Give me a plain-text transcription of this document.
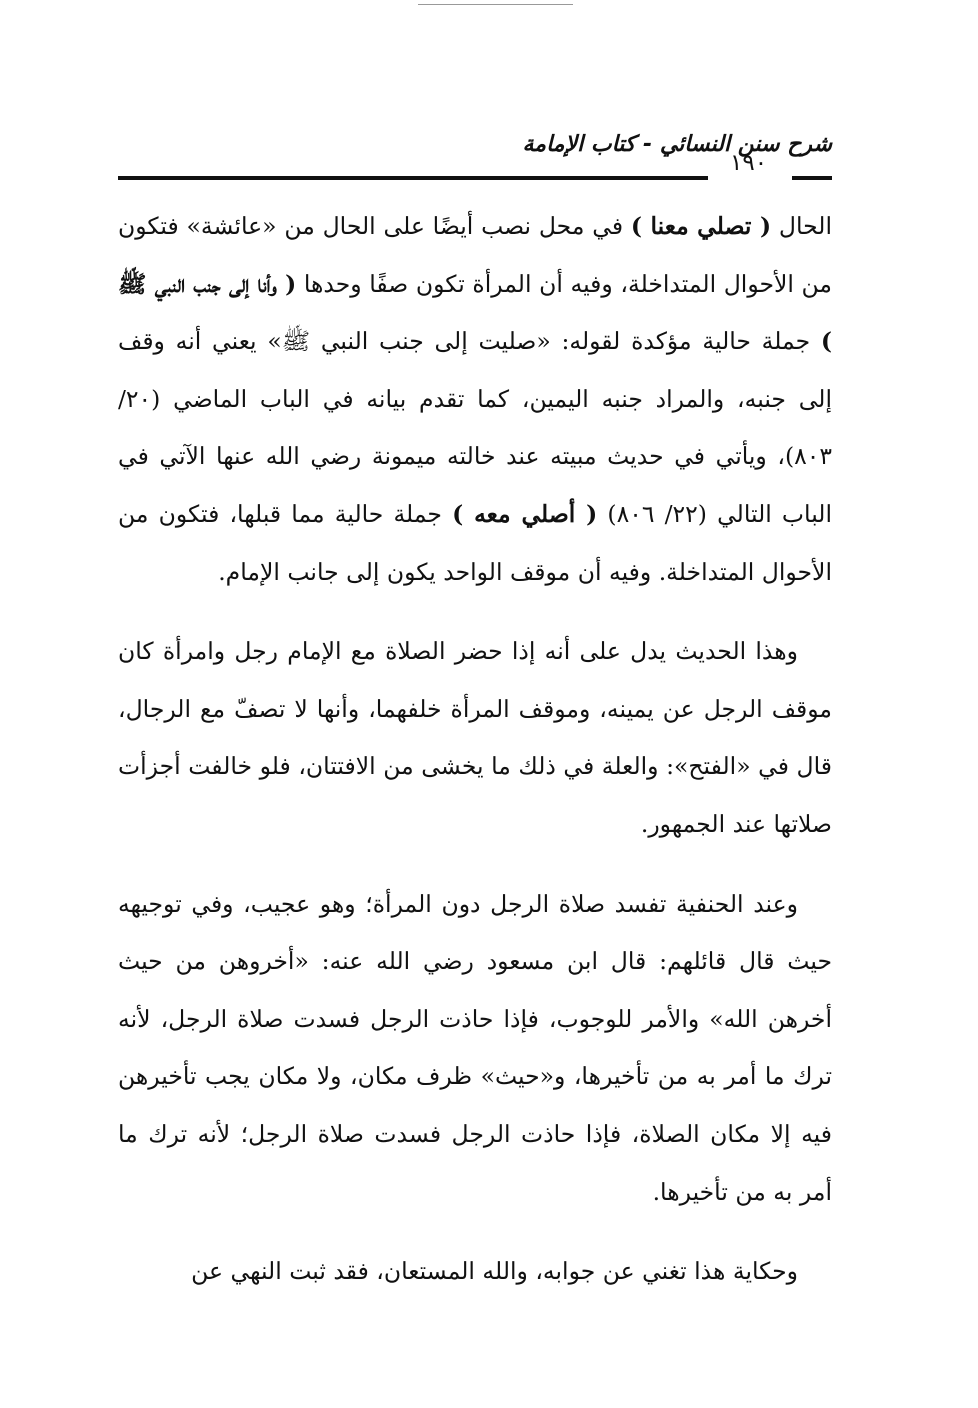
شرح سنن النسائي - كتاب الإمامة
١٩٠

الحال ( تصلي معنا ) في محل نصب أيضًا على الحال من «عائشة» فتكون من الأحوال المتداخلة، وفيه أن المرأة تكون صفًا وحدها ( وأنا إلى جنب النبي ﷺ ) جملة حالية مؤكدة لقوله: «صليت إلى جنب النبي ﷺ» يعني أنه وقف إلى جنبه، والمراد جنبه اليمين، كما تقدم بيانه في الباب الماضي (٢٠/ ٨٠٣)، ويأتي في حديث مبيته عند خالته ميمونة رضي الله عنها الآتي في الباب التالي (٢٢/ ٨٠٦) ( أصلي معه ) جملة حالية مما قبلها، فتكون من الأحوال المتداخلة. وفيه أن موقف الواحد يكون إلى جانب الإمام.

وهذا الحديث يدل على أنه إذا حضر الصلاة مع الإمام رجل وامرأة كان موقف الرجل عن يمينه، وموقف المرأة خلفهما، وأنها لا تصفّ مع الرجال، قال في «الفتح»: والعلة في ذلك ما يخشى من الافتتان، فلو خالفت أجزأت صلاتها عند الجمهور.

وعند الحنفية تفسد صلاة الرجل دون المرأة؛ وهو عجيب، وفي توجيهه حيث قال قائلهم: قال ابن مسعود رضي الله عنه: «أخروهن من حيث أخرهن الله» والأمر للوجوب، فإذا حاذت الرجل فسدت صلاة الرجل، لأنه ترك ما أمر به من تأخيرها، و«حيث» ظرف مكان، ولا مكان يجب تأخيرهن فيه إلا مكان الصلاة، فإذا حاذت الرجل فسدت صلاة الرجل؛ لأنه ترك ما أمر به من تأخيرها.

وحكاية هذا تغني عن جوابه، والله المستعان، فقد ثبت النهي عن
